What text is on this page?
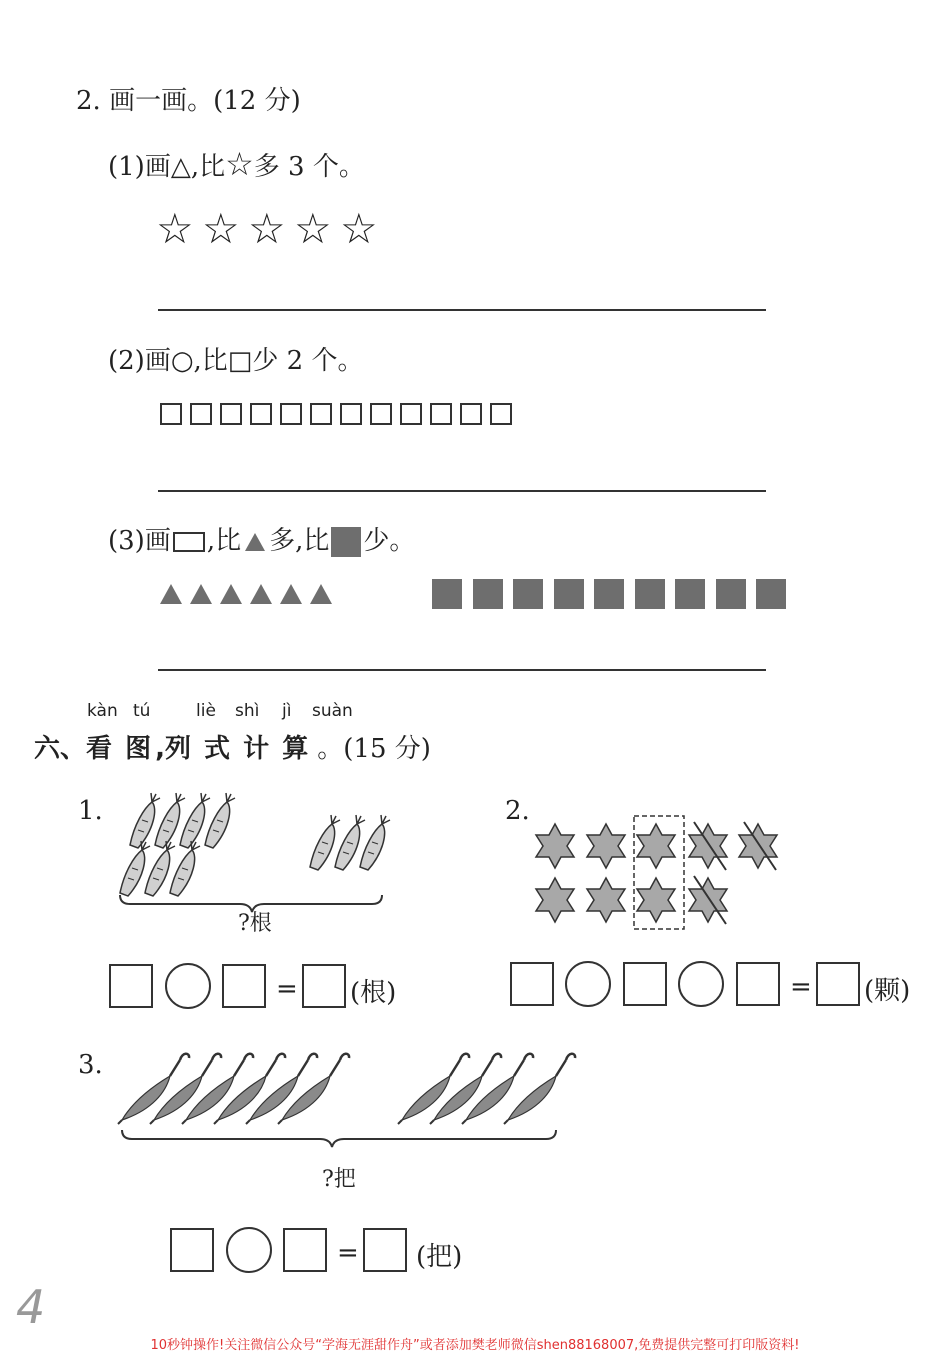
2. 画一画。(12 分)
(1)画△,比☆多 3 个。
☆ ☆ ☆ ☆ ☆
(2)画○,比□少 2 个。
(3)画 ,比 多,比 少。
kàn tú	liè shì jì suàn
六、看 图 ,列 式 计 算 。(15 分)
1.
?根
= (根)
2.
= (颗)
3.
?把
= (把)
4
10秒钟操作!关注微信公众号“学海无涯甜作舟”或者添加樊老师微信shen88168007,免费提供完整可打印版资料!
